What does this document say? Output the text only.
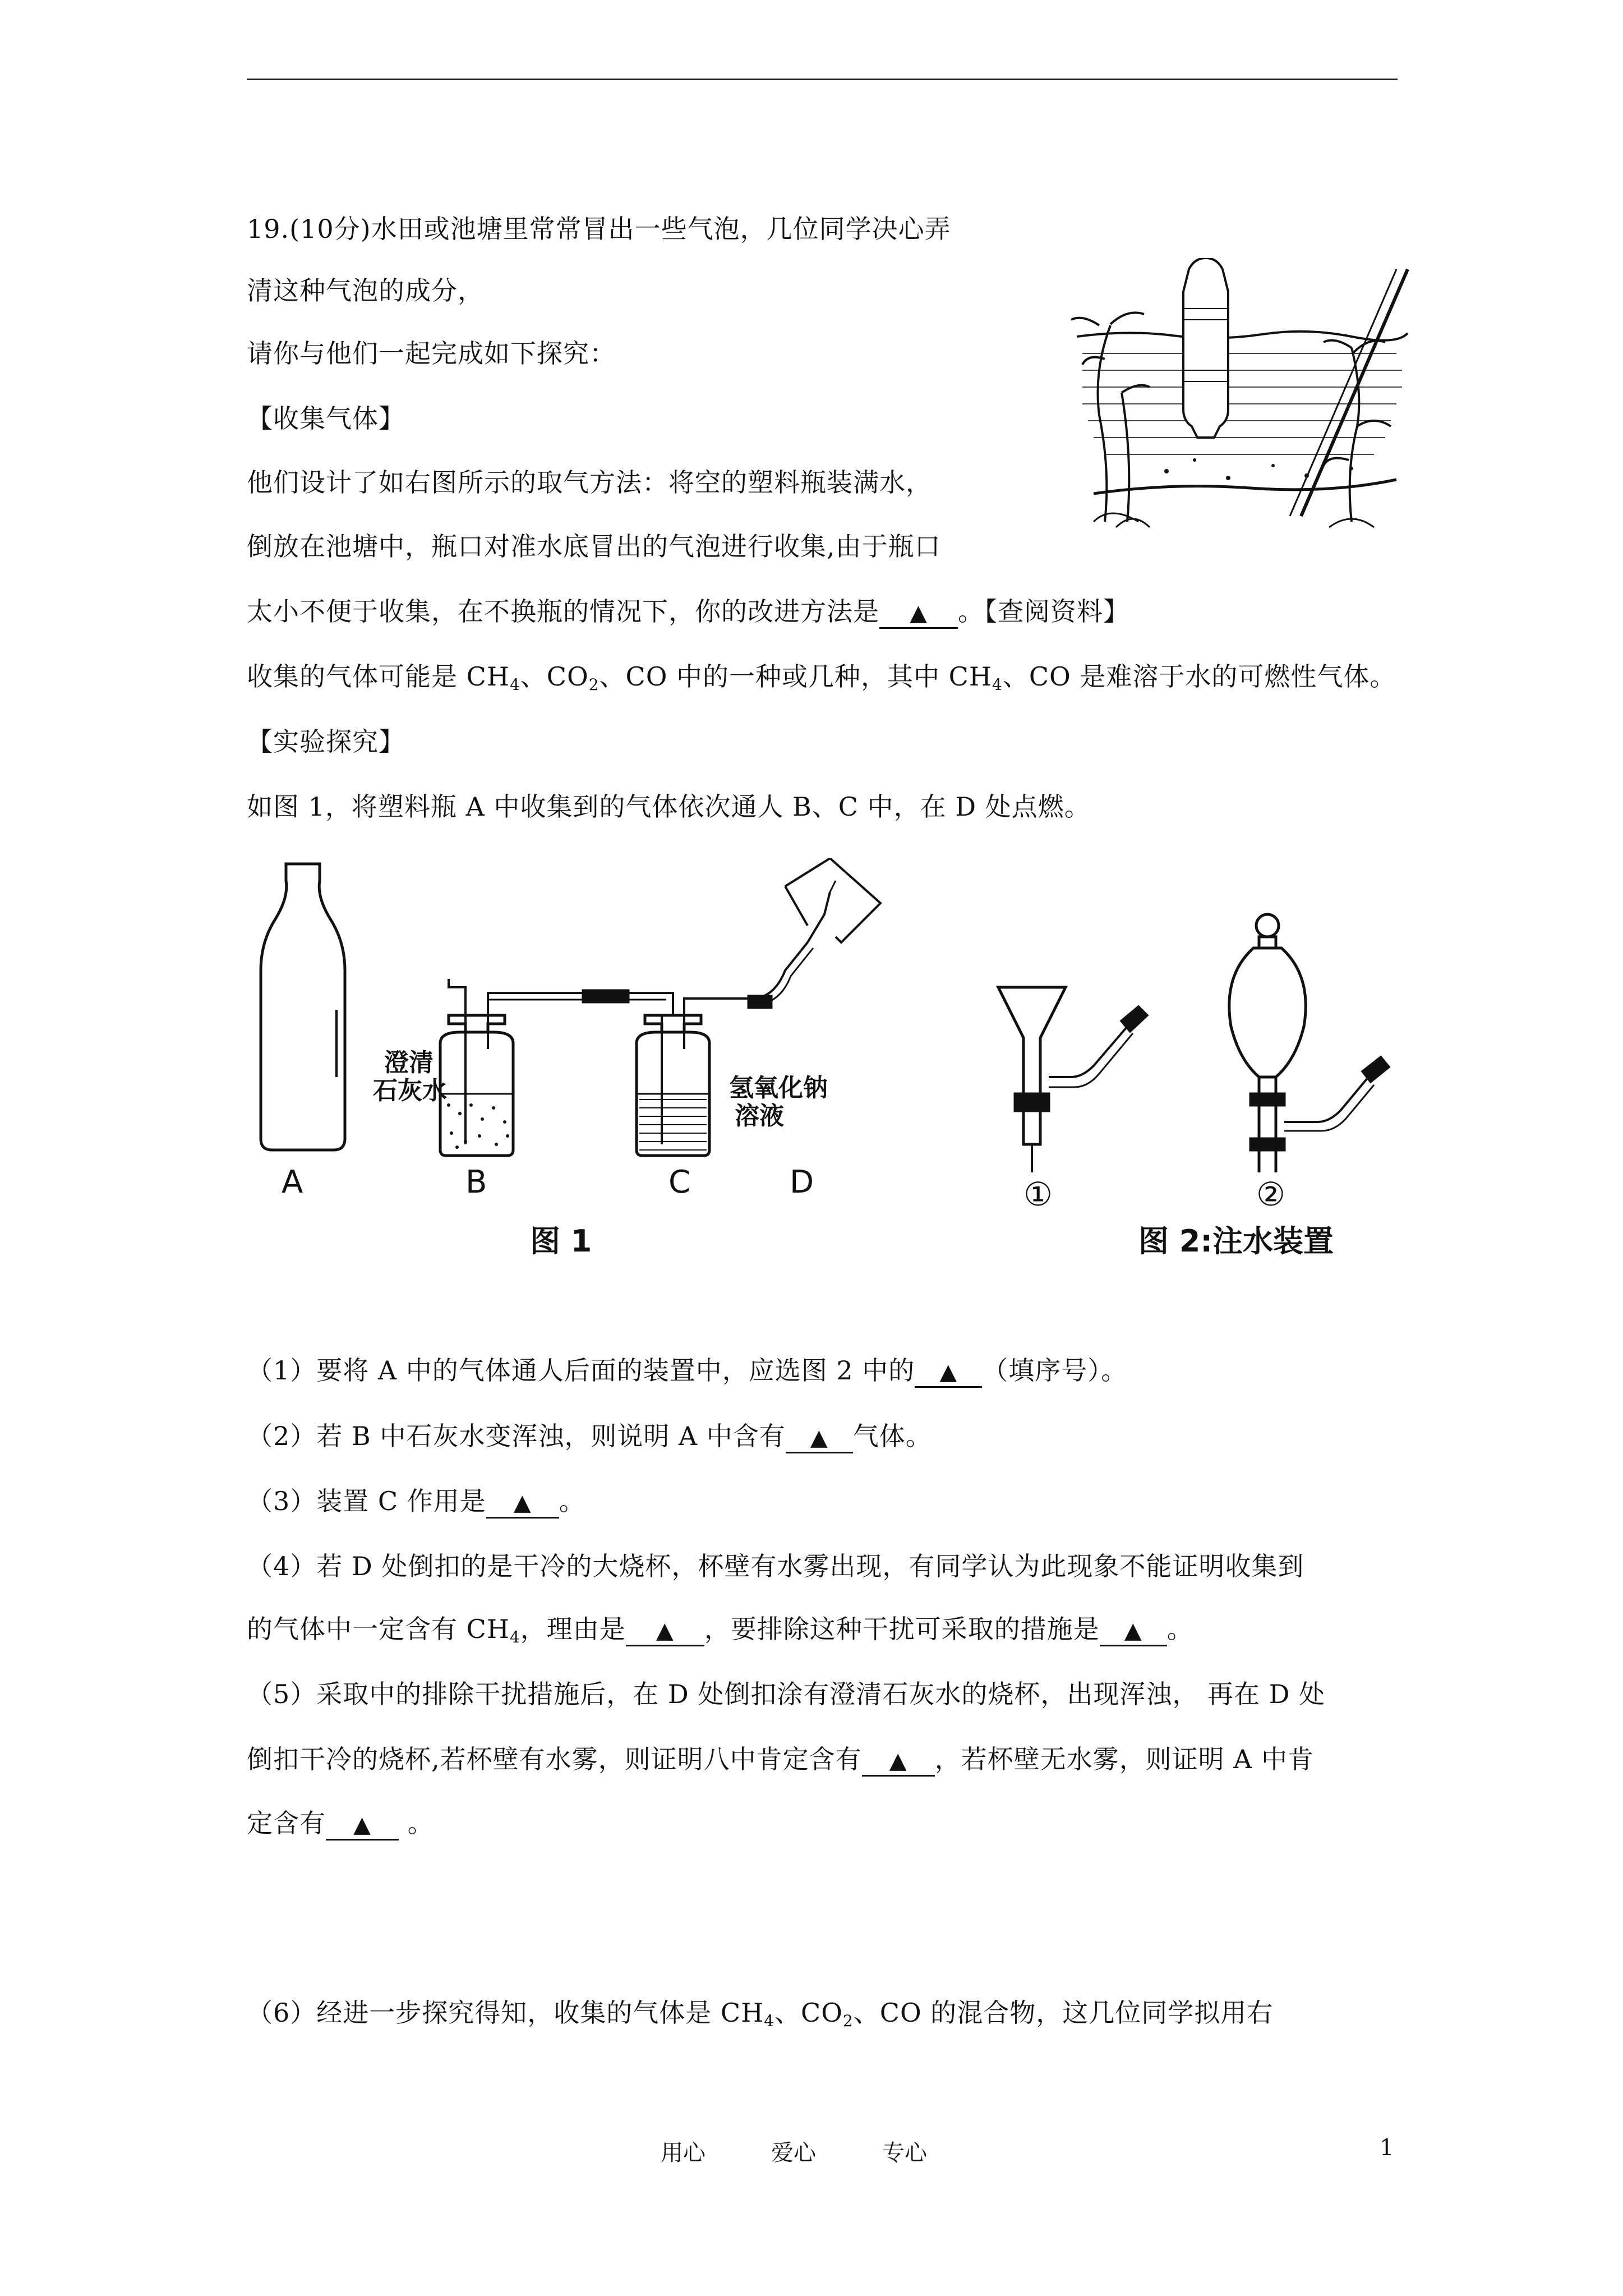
19.(10分)水田或池塘里常常冒出一些气泡，几位同学决心弄
清这种气泡的成分，
请你与他们一起完成如下探究：
【收集气体】
他们设计了如右图所示的取气方法：将空的塑料瓶装满水，
倒放在池塘中，瓶口对准水底冒出的气泡进行收集,由于瓶口
太小不便于收集，在不换瓶的情况下，你的改进方法是 ▲ 。【查阅资料】
收集的气体可能是 $CH_4$、$CO_2$、CO 中的一种或几种，其中 $CH_4$、CO 是难溶于水的可燃性气体。
【实验探究】
如图 1，将塑料瓶 A 中收集到的气体依次通人 B、C 中，在 D 处点燃。
A	B	C	D
澄清
石灰水	氢氧化钠
溶液
图 1
①	②
图 2:注水装置
（1）要将 A 中的气体通人后面的装置中，应选图 2 中的 ▲ （填序号）。
（2）若 B 中石灰水变浑浊，则说明 A 中含有 ▲ 气体。
（3）装置 C 作用是 ▲ 。
（4）若 D 处倒扣的是干冷的大烧杯，杯壁有水雾出现，有同学认为此现象不能证明收集到
的气体中一定含有 $CH_4$，理由是 ▲ ，要排除这种干扰可采取的措施是 ▲ 。
（5）采取中的排除干扰措施后，在 D 处倒扣涂有澄清石灰水的烧杯，出现浑浊， 再在 D 处
倒扣干冷的烧杯,若杯壁有水雾，则证明八中肯定含有 ▲ ，若杯壁无水雾，则证明 A 中肯
定含有 ▲ 。
（6）经进一步探究得知，收集的气体是 $CH_4$、$CO_2$、CO 的混合物，这几位同学拟用右
用心	爱心	专心	1
